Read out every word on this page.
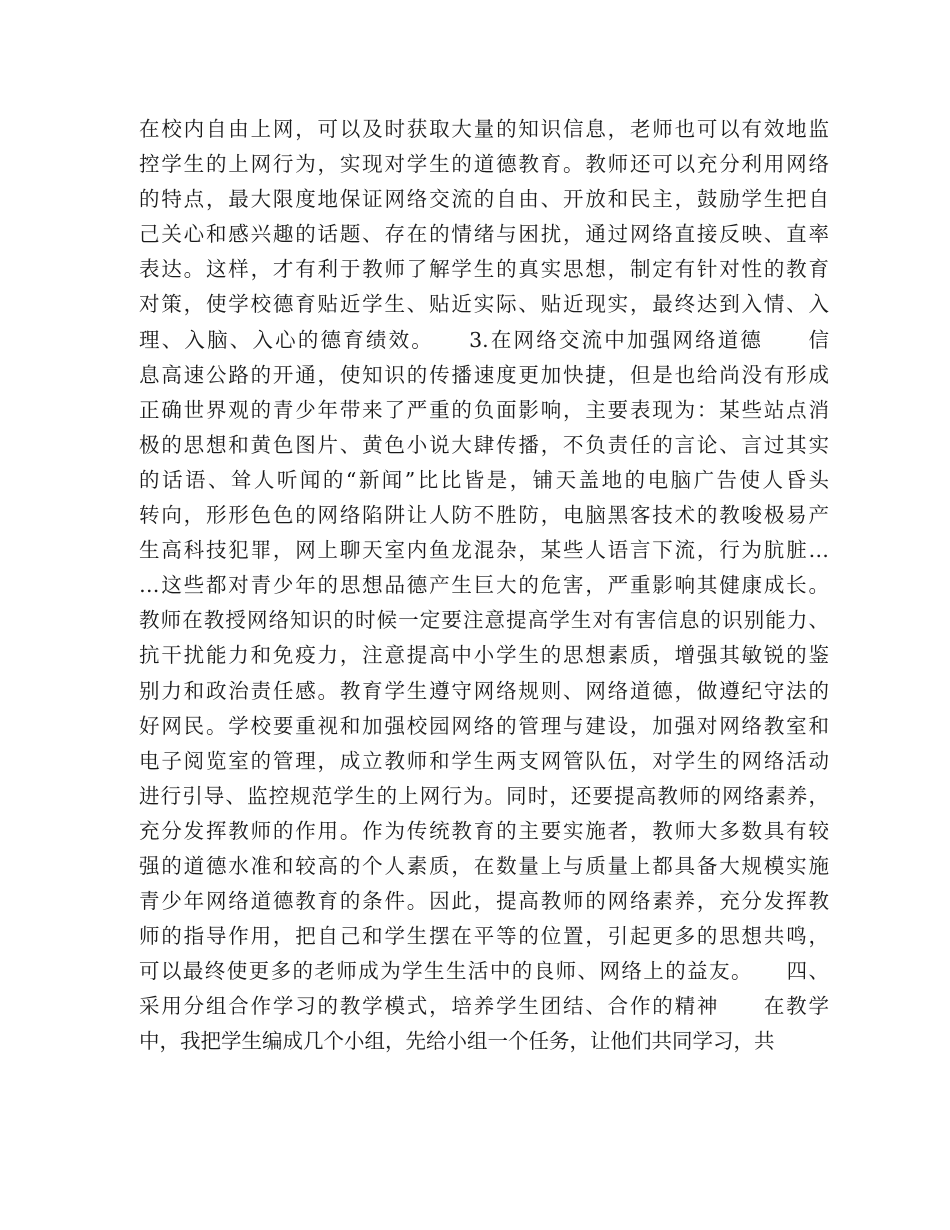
在校内自由上网，可以及时获取大量的知识信息，老师也可以有效地监
控学生的上网行为，实现对学生的道德教育。教师还可以充分利用网络
的特点，最大限度地保证网络交流的自由、开放和民主，鼓励学生把自
己关心和感兴趣的话题、存在的情绪与困扰，通过网络直接反映、直率
表达。这样，才有利于教师了解学生的真实思想，制定有针对性的教育
对策，使学校德育贴近学生、贴近实际、贴近现实，最终达到入情、入
理、入脑、入心的德育绩效。　　3.在网络交流中加强网络道德　　信
息高速公路的开通，使知识的传播速度更加快捷，但是也给尚没有形成
正确世界观的青少年带来了严重的负面影响，主要表现为：某些站点消
极的思想和黄色图片、黄色小说大肆传播，不负责任的言论、言过其实
的话语、耸人听闻的“新闻”比比皆是，铺天盖地的电脑广告使人昏头
转向，形形色色的网络陷阱让人防不胜防，电脑黑客技术的教唆极易产
生高科技犯罪，网上聊天室内鱼龙混杂，某些人语言下流，行为肮脏…
…这些都对青少年的思想品德产生巨大的危害，严重影响其健康成长。
教师在教授网络知识的时候一定要注意提高学生对有害信息的识别能力、
抗干扰能力和免疫力，注意提高中小学生的思想素质，增强其敏锐的鉴
别力和政治责任感。教育学生遵守网络规则、网络道德，做遵纪守法的
好网民。学校要重视和加强校园网络的管理与建设，加强对网络教室和
电子阅览室的管理，成立教师和学生两支网管队伍，对学生的网络活动
进行引导、监控规范学生的上网行为。同时，还要提高教师的网络素养，
充分发挥教师的作用。作为传统教育的主要实施者，教师大多数具有较
强的道德水准和较高的个人素质，在数量上与质量上都具备大规模实施
青少年网络道德教育的条件。因此，提高教师的网络素养，充分发挥教
师的指导作用，把自己和学生摆在平等的位置，引起更多的思想共鸣，
可以最终使更多的老师成为学生生活中的良师、网络上的益友。　　四、
采用分组合作学习的教学模式，培养学生团结、合作的精神　　在教学
中，我把学生编成几个小组，先给小组一个任务，让他们共同学习，共
